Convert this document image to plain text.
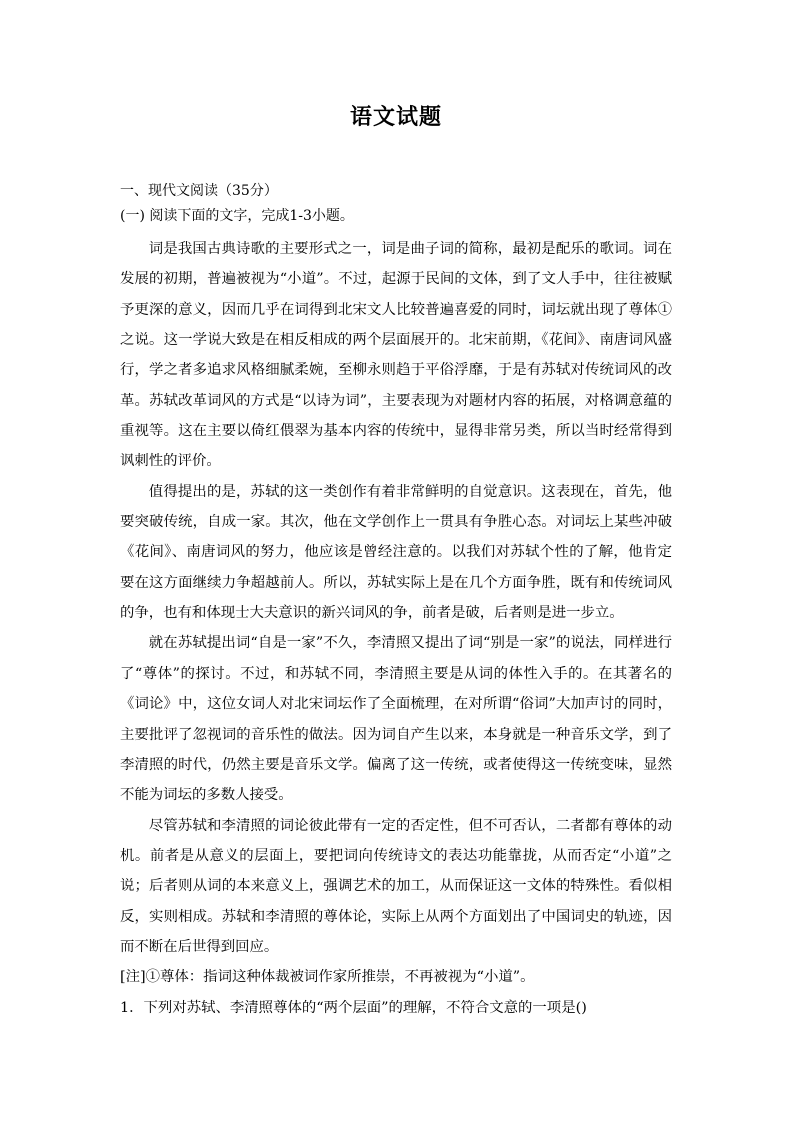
语文试题

一、现代文阅读（35分）

(一) 阅读下面的文字，完成1-3小题。

词是我国古典诗歌的主要形式之一，词是曲子词的简称，最初是配乐的歌词。词在发展的初期，普遍被视为“小道”。不过，起源于民间的文体，到了文人手中，往往被赋予更深的意义，因而几乎在词得到北宋文人比较普遍喜爱的同时，词坛就出现了尊体①之说。这一学说大致是在相反相成的两个层面展开的。北宋前期，《花间》、南唐词风盛行，学之者多追求风格细腻柔婉，至柳永则趋于平俗浮靡，于是有苏轼对传统词风的改革。苏轼改革词风的方式是“以诗为词”，主要表现为对题材内容的拓展，对格调意蕴的重视等。这在主要以倚红偎翠为基本内容的传统中，显得非常另类，所以当时经常得到讽刺性的评价。

值得提出的是，苏轼的这一类创作有着非常鲜明的自觉意识。这表现在，首先，他要突破传统，自成一家。其次，他在文学创作上一贯具有争胜心态。对词坛上某些冲破《花间》、南唐词风的努力，他应该是曾经注意的。以我们对苏轼个性的了解，他肯定要在这方面继续力争超越前人。所以，苏轼实际上是在几个方面争胜，既有和传统词风的争，也有和体现士大夫意识的新兴词风的争，前者是破，后者则是进一步立。

就在苏轼提出词“自是一家”不久，李清照又提出了词“别是一家”的说法，同样进行了“尊体”的探讨。不过，和苏轼不同，李清照主要是从词的体性入手的。在其著名的《词论》中，这位女词人对北宋词坛作了全面梳理，在对所谓“俗词”大加声讨的同时，主要批评了忽视词的音乐性的做法。因为词自产生以来，本身就是一种音乐文学，到了李清照的时代，仍然主要是音乐文学。偏离了这一传统，或者使得这一传统变味，显然不能为词坛的多数人接受。

尽管苏轼和李清照的词论彼此带有一定的否定性，但不可否认，二者都有尊体的动机。前者是从意义的层面上，要把词向传统诗文的表达功能靠拢，从而否定“小道”之说；后者则从词的本来意义上，强调艺术的加工，从而保证这一文体的特殊性。看似相反，实则相成。苏轼和李清照的尊体论，实际上从两个方面划出了中国词史的轨迹，因而不断在后世得到回应。

[注]①尊体：指词这种体裁被词作家所推崇，不再被视为“小道”。

1．下列对苏轼、李清照尊体的“两个层面”的理解，不符合文意的一项是()
